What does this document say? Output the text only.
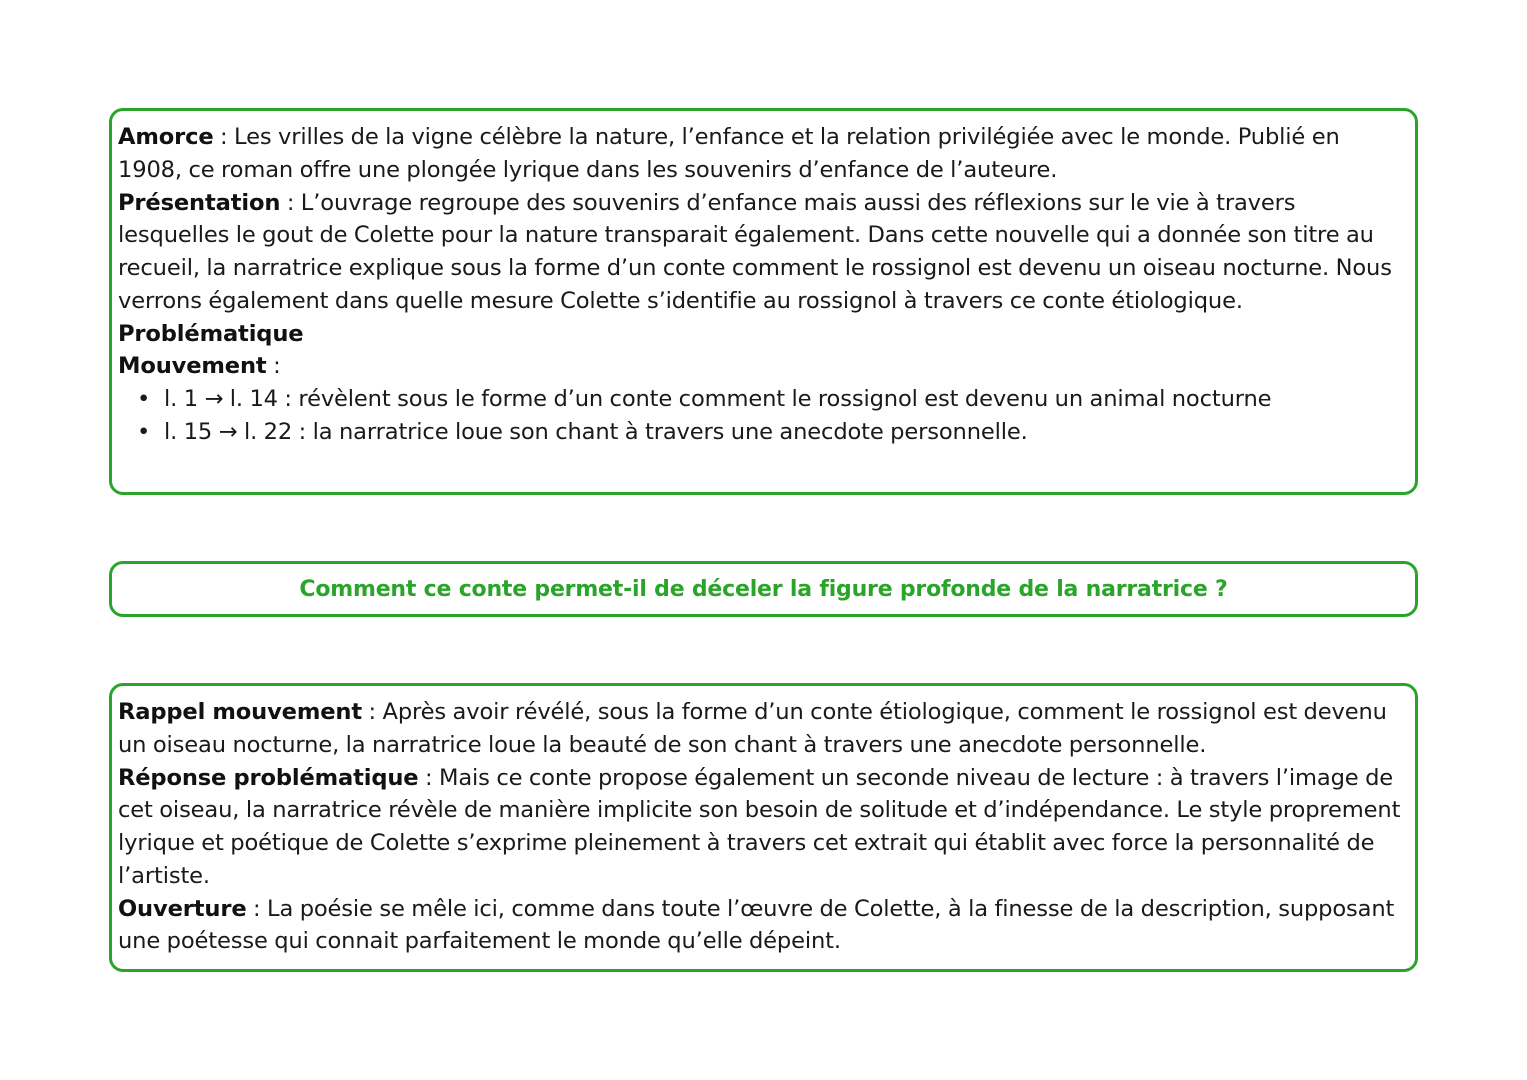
Amorce : Les vrilles de la vigne célèbre la nature, l’enfance et la relation privilégiée avec le monde. Publié en 1908, ce roman offre une plongée lyrique dans les souvenirs d’enfance de l’auteure.

Présentation : L’ouvrage regroupe des souvenirs d’enfance mais aussi des réflexions sur le vie à travers lesquelles le gout de Colette pour la nature transparait également. Dans cette nouvelle qui a donnée son titre au recueil, la narratrice explique sous la forme d’un conte comment le rossignol est devenu un oiseau nocturne. Nous verrons également dans quelle mesure Colette s’identifie au rossignol à travers ce conte étiologique.

Problématique

Mouvement :

• l. 1 → l. 14 : révèlent sous le forme d’un conte comment le rossignol est devenu un animal nocturne
• l. 15 → l. 22 : la narratrice loue son chant à travers une anecdote personnelle.
Comment ce conte permet-il de déceler la figure profonde de la narratrice ?

Rappel mouvement : Après avoir révélé, sous la forme d’un conte étiologique, comment le rossignol est devenu un oiseau nocturne, la narratrice loue la beauté de son chant à travers une anecdote personnelle.

Réponse problématique : Mais ce conte propose également un seconde niveau de lecture : à travers l’image de cet oiseau, la narratrice révèle de manière implicite son besoin de solitude et d’indépendance. Le style proprement lyrique et poétique de Colette s’exprime pleinement à travers cet extrait qui établit avec force la personnalité de l’artiste.

Ouverture : La poésie se mêle ici, comme dans toute l’œuvre de Colette, à la finesse de la description, supposant une poétesse qui connait parfaitement le monde qu’elle dépeint.
